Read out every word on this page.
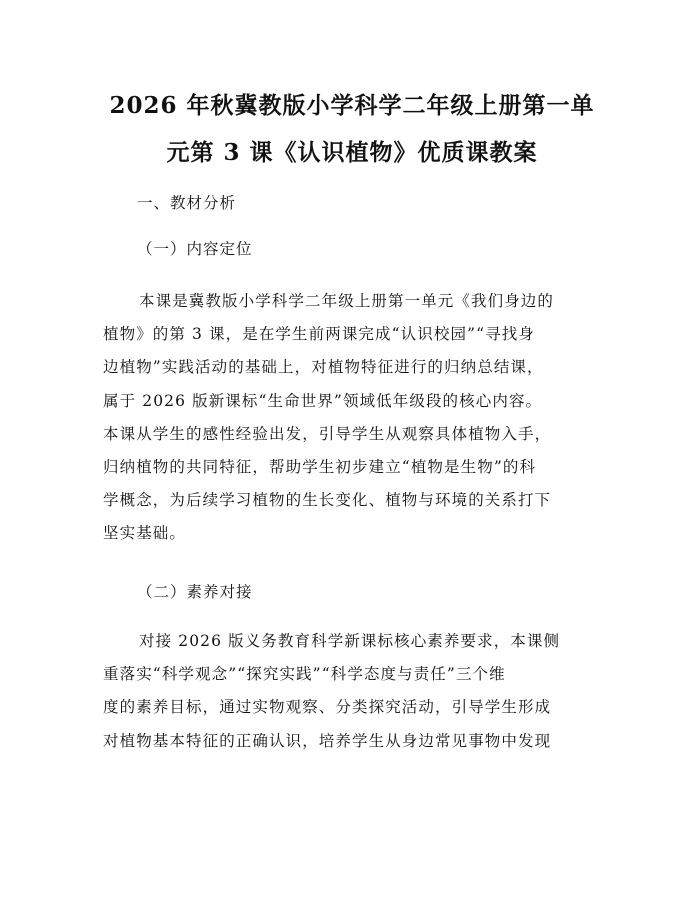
2026 年秋冀教版小学科学二年级上册第一单
元第 3 课《认识植物》优质课教案

一、教材分析

（一）内容定位

本课是冀教版小学科学二年级上册第一单元《我们身边的
植物》的第 3 课，是在学生前两课完成“认识校园”“寻找身
边植物”实践活动的基础上，对植物特征进行的归纳总结课，
属于 2026 版新课标“生命世界”领域低年级段的核心内容。
本课从学生的感性经验出发，引导学生从观察具体植物入手，
归纳植物的共同特征，帮助学生初步建立“植物是生物”的科
学概念，为后续学习植物的生长变化、植物与环境的关系打下
坚实基础。

（二）素养对接

对接 2026 版义务教育科学新课标核心素养要求，本课侧
重落实“科学观念”“探究实践”“科学态度与责任”三个维
度的素养目标，通过实物观察、分类探究活动，引导学生形成
对植物基本特征的正确认识，培养学生从身边常见事物中发现
